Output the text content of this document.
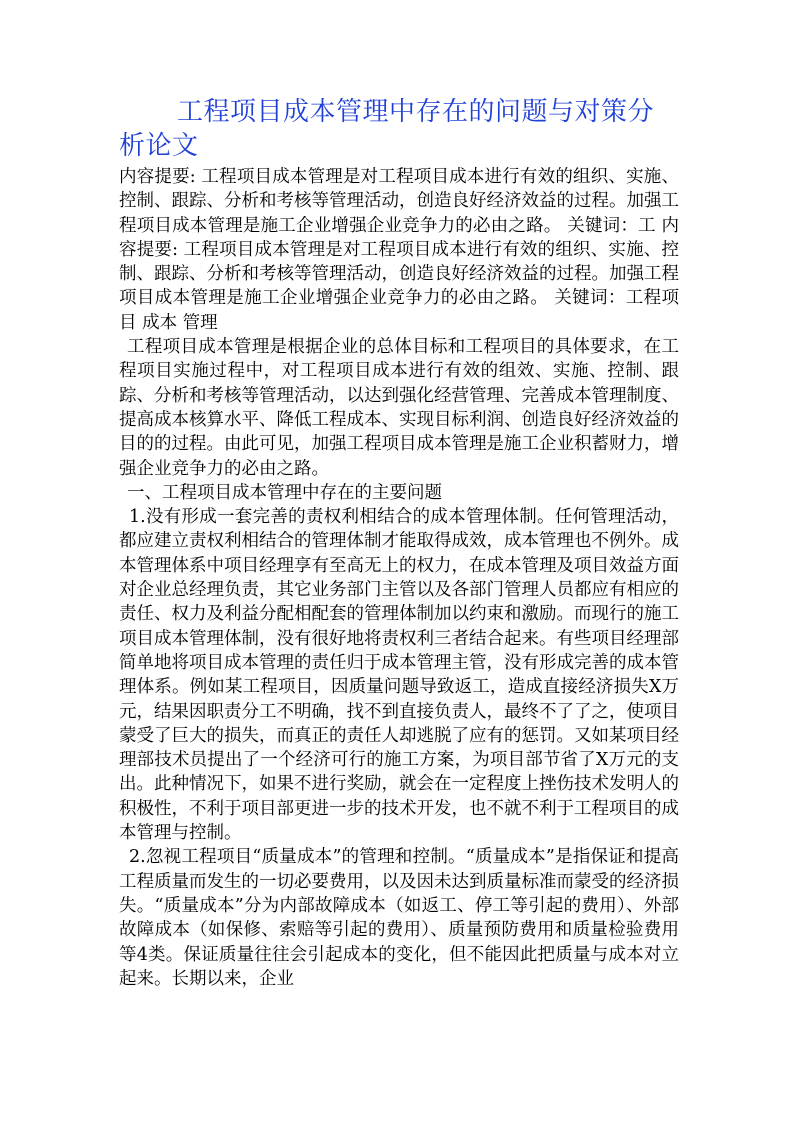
工程项目成本管理中存在的问题与对策分析论文

内容提要: 工程项目成本管理是对工程项目成本进行有效的组织、实施、控制、跟踪、分析和考核等管理活动，创造良好经济效益的过程。加强工程项目成本管理是施工企业增强企业竞争力的必由之路。 关键词：工 内容提要: 工程项目成本管理是对工程项目成本进行有效的组织、实施、控制、跟踪、分析和考核等管理活动，创造良好经济效益的过程。加强工程项目成本管理是施工企业增强企业竞争力的必由之路。 关键词：工程项目 成本 管理

工程项目成本管理是根据企业的总体目标和工程项目的具体要求，在工程项目实施过程中，对工程项目成本进行有效的组效、实施、控制、跟踪、分析和考核等管理活动，以达到强化经营管理、完善成本管理制度、提高成本核算水平、降低工程成本、实现目标利润、创造良好经济效益的目的的过程。由此可见，加强工程项目成本管理是施工企业积蓄财力，增强企业竞争力的必由之路。

一、工程项目成本管理中存在的主要问题

1.没有形成一套完善的责权利相结合的成本管理体制。任何管理活动，都应建立责权利相结合的管理体制才能取得成效，成本管理也不例外。成本管理体系中项目经理享有至高无上的权力，在成本管理及项目效益方面对企业总经理负责，其它业务部门主管以及各部门管理人员都应有相应的责任、权力及利益分配相配套的管理体制加以约束和激励。而现行的施工项目成本管理体制，没有很好地将责权利三者结合起来。有些项目经理部简单地将项目成本管理的责任归于成本管理主管，没有形成完善的成本管理体系。例如某工程项目，因质量问题导致返工，造成直接经济损失X万元，结果因职责分工不明确，找不到直接负责人，最终不了了之，使项目蒙受了巨大的损失，而真正的责任人却逃脱了应有的惩罚。又如某项目经理部技术员提出了一个经济可行的施工方案，为项目部节省了X万元的支出。此种情况下，如果不进行奖励，就会在一定程度上挫伤技术发明人的积极性，不利于项目部更进一步的技术开发，也不就不利于工程项目的成本管理与控制。

2.忽视工程项目“质量成本”的管理和控制。“质量成本”是指保证和提高工程质量而发生的一切必要费用，以及因未达到质量标准而蒙受的经济损失。“质量成本”分为内部故障成本（如返工、停工等引起的费用）、外部故障成本（如保修、索赔等引起的费用）、质量预防费用和质量检验费用等4类。保证质量往往会引起成本的变化，但不能因此把质量与成本对立起来。长期以来，企业
